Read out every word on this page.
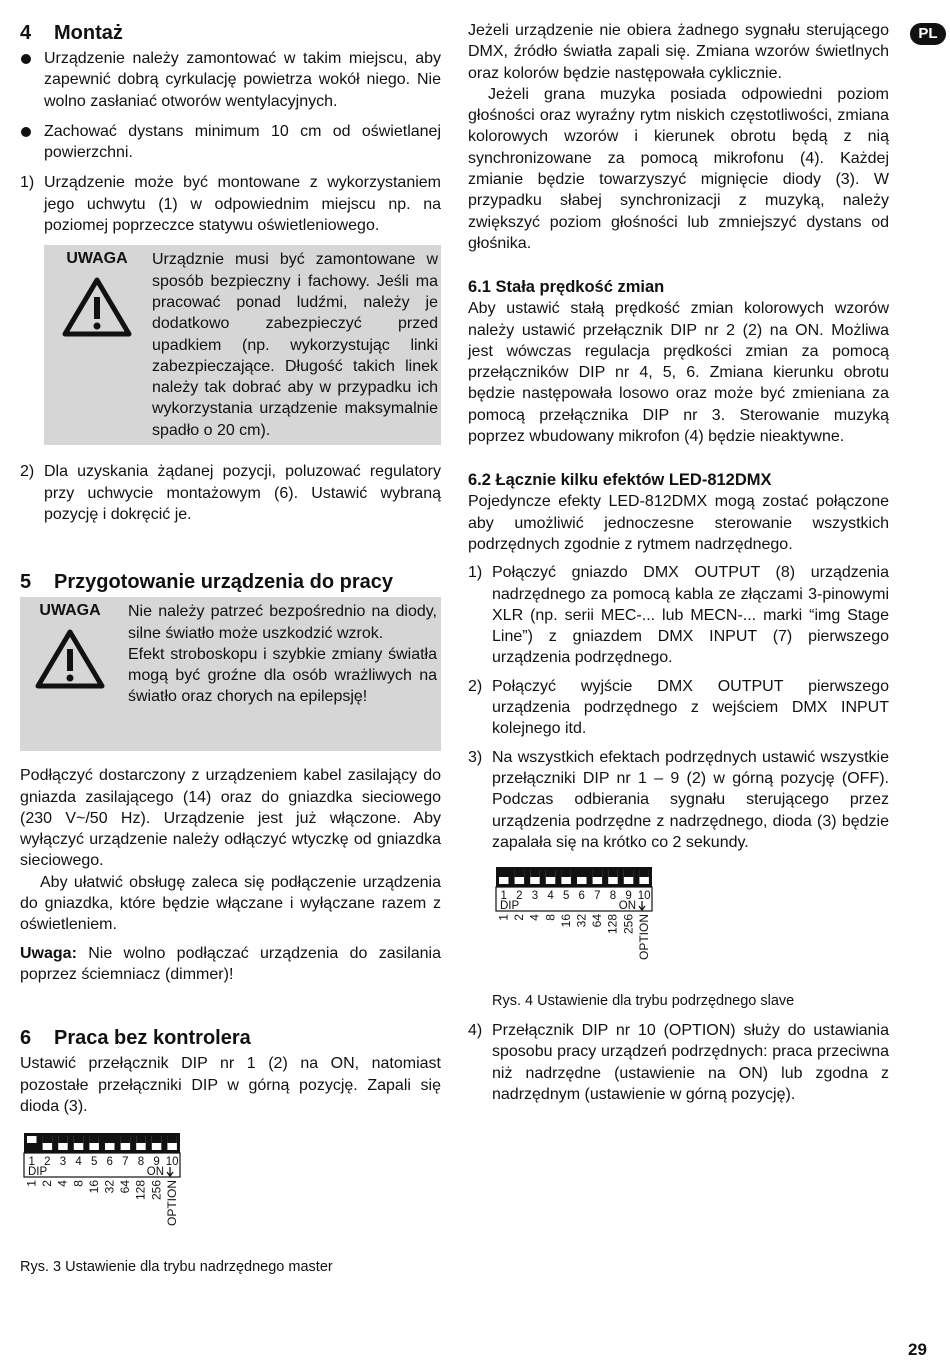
PL
4 Montaż

Urządzenie należy zamontować w takim miejscu, aby zapewnić dobrą cyrkulację powietrza wokół niego. Nie wolno zasłaniać otworów wentylacyjnych.

Zachować dystans minimum 10 cm od oświetlanej powierzchni.

1) Urządzenie może być montowane z wykorzystaniem jego uchwytu (1) w odpowiednim miejscu np. na poziomej poprzeczce statywu oświetleniowego.

UWAGA	Urządznie musi być zamontowane w sposób bezpieczny i fachowy. Jeśli ma pracować ponad ludźmi, należy je dodatkowo zabezpieczyć przed upadkiem (np. wykorzystując linki zabezpieczające. Długość takich linek należy tak dobrać aby w przypadku ich wykorzystania urządzenie maksymalnie spadło o 20 cm).

2) Dla uzyskania żądanej pozycji, poluzować regulatory przy uchwycie montażowym (6). Ustawić wybraną pozycję i dokręcić je.

5 Przygotowanie urządzenia do pracy
UWAGA	Nie należy patrzeć bezpośrednio na diody, silne światło może uszkodzić wzrok.
Efekt stroboskopu i szybkie zmiany światła mogą być groźne dla osób wrażliwych na światło oraz chorych na epilepsję!

Podłączyć dostarczony z urządzeniem kabel zasilający do gniazda zasilającego (14) oraz do gniazdka sieciowego (230 V~/50 Hz). Urządzenie jest już włączone. Aby wyłączyć urządzenie należy odłączyć wtyczkę od gniazdka sieciowego.

Aby ułatwić obsługę zaleca się podłączenie urządzenia do gniazdka, które będzie włączane i wyłączane razem z oświetleniem.

Uwaga: Nie wolno podłączać urządzenia do zasilania poprzez ściemniacz (dimmer)!

6 Praca bez kontrolera

Ustawić przełącznik DIP nr 1 (2) na ON, natomiast pozostałe przełączniki DIP w górną pozycję. Zapali się dioda (3).

1 2 3 4 5 6 7 8 9 10
DIP	ON
1 2 4 8 16 32 64 128 256 OPTION
Rys. 3 Ustawienie dla trybu nadrzędnego master

Jeżeli urządzenie nie obiera żadnego sygnału sterującego DMX, źródło światła zapali się. Zmiana wzorów świetlnych oraz kolorów będzie następowała cyklicznie.

Jeżeli grana muzyka posiada odpowiedni poziom głośności oraz wyraźny rytm niskich częstotliwości, zmiana kolorowych wzorów i kierunek obrotu będą z nią synchronizowane za pomocą mikrofonu (4). Każdej zmianie będzie towarzyszyć mignięcie diody (3). W przypadku słabej synchronizacji z muzyką, należy zwiększyć poziom głośności lub zmniejszyć dystans od głośnika.

6.1 Stała prędkość zmian

Aby ustawić stałą prędkość zmian kolorowych wzorów należy ustawić przełącznik DIP nr 2 (2) na ON. Możliwa jest wówczas regulacja prędkości zmian za pomocą przełączników DIP nr 4, 5, 6. Zmiana kierunku obrotu będzie następowała losowo oraz może być zmieniana za pomocą przełącznika DIP nr 3. Sterowanie muzyką poprzez wbudowany mikrofon (4) będzie nieaktywne.

6.2 Łącznie kilku efektów LED-812DMX

Pojedyncze efekty LED-812DMX mogą zostać połączone aby umożliwić jednoczesne sterowanie wszystkich podrzędnych zgodnie z rytmem nadrzędnego.

1) Połączyć gniazdo DMX OUTPUT (8) urządzenia nadrzędnego za pomocą kabla ze złączami 3-pinowymi XLR (np. serii MEC-... lub MECN-... marki “img Stage Line”) z gniazdem DMX INPUT (7) pierwszego urządzenia podrzędnego.

2) Połączyć wyjście DMX OUTPUT pierwszego urządzenia podrzędnego z wejściem DMX INPUT kolejnego itd.

3) Na wszystkich efektach podrzędnych ustawić wszystkie przełączniki DIP nr 1 – 9 (2) w górną pozycję (OFF). Podczas odbierania sygnału sterującego przez urządzenia podrzędne z nadrzędnego, dioda (3) będzie zapalała się na krótko co 2 sekundy.

1 2 3 4 5 6 7 8 9 10
DIP	ON
1 2 4 8 16 32 64 128 256 OPTION
Rys. 4 Ustawienie dla trybu podrzędnego slave
4) Przełącznik DIP nr 10 (OPTION) służy do ustawiania sposobu pracy urządzeń podrzędnych: praca przeciwna niż nadrzędne (ustawienie na ON) lub zgodna z nadrzędnym (ustawienie w górną pozycję).

29
